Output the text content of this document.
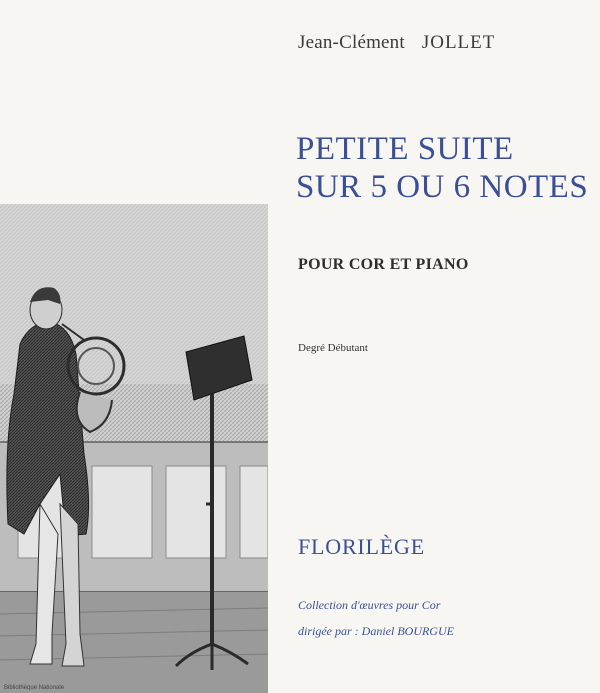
Jean-Clément JOLLET
PETITE SUITE
SUR 5 OU 6 NOTES
POUR COR ET PIANO
Degré Débutant
FLORILÈGE
Collection d'œuvres pour Cor
dirigée par : Daniel BOURGUE
Bibliothèque Nationale
